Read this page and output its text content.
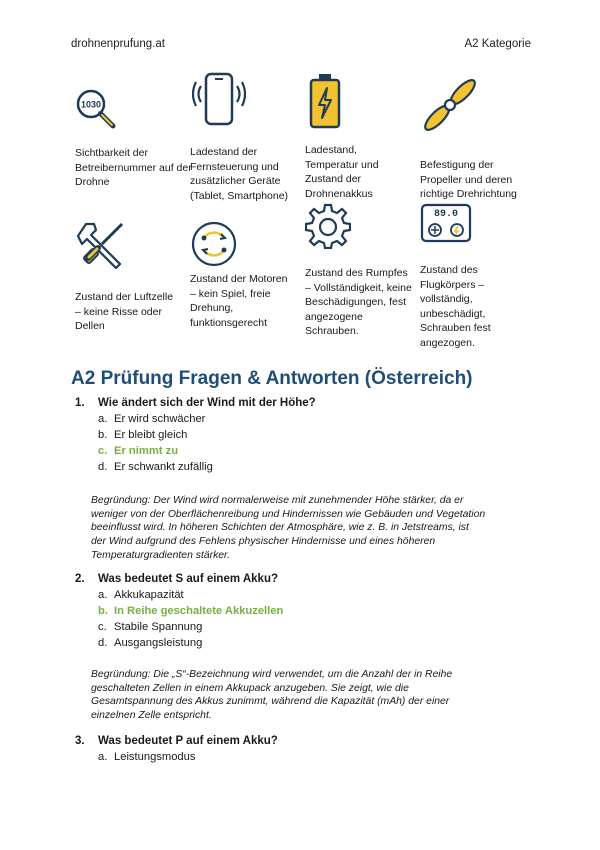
drohnenprufung.at	A2 Kategorie
1030
Sichtbarkeit der Betreibernummer auf der Drohne
Ladestand der Fernsteuerung und zusätzlicher Geräte (Tablet, Smartphone)
Ladestand, Temperatur und Zustand der Drohnenakkus
Befestigung der Propeller und deren richtige Drehrichtung
89.0
Zustand der Luftzelle – keine Risse oder Dellen
Zustand der Motoren – kein Spiel, freie Drehung, funktionsgerecht
Zustand des Rumpfes – Vollständigkeit, keine Beschädigungen, fest angezogene Schrauben.
Zustand des Flugkörpers – vollständig, unbeschädigt, Schrauben fest angezogen.
A2 Prüfung Fragen & Antworten (Österreich)
1. Wie ändert sich der Wind mit der Höhe?
a. Er wird schwächer
b. Er bleibt gleich
c. Er nimmt zu
d. Er schwankt zufällig
Begründung: Der Wind wird normalerweise mit zunehmender Höhe stärker, da er
weniger von der Oberflächenreibung und Hindernissen wie Gebäuden und Vegetation
beeinflusst wird. In höheren Schichten der Atmosphäre, wie z. B. in Jetstreams, ist
der Wind aufgrund des Fehlens physischer Hindernisse und eines höheren
Temperaturgradienten stärker.
2. Was bedeutet S auf einem Akku?
a. Akkukapazität
b. In Reihe geschaltete Akkuzellen
c. Stabile Spannung
d. Ausgangsleistung
Begründung: Die „S“-Bezeichnung wird verwendet, um die Anzahl der in Reihe
geschalteten Zellen in einem Akkupack anzugeben. Sie zeigt, wie die
Gesamtspannung des Akkus zunimmt, während die Kapazität (mAh) der einer
einzelnen Zelle entspricht.
3. Was bedeutet P auf einem Akku?
a. Leistungsmodus
